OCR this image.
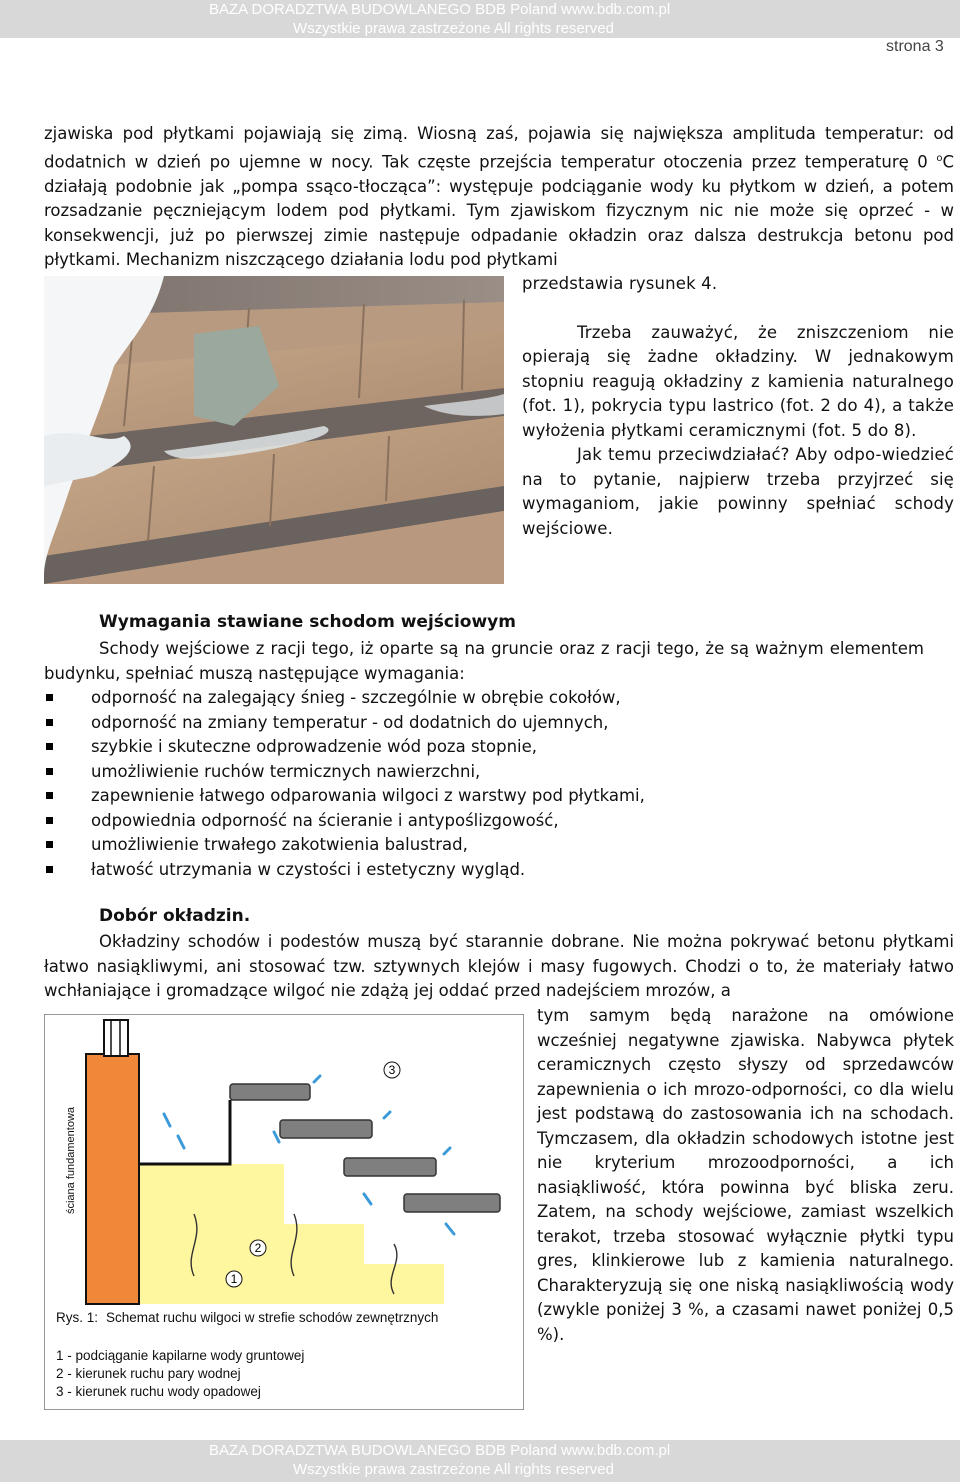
BAZA DORADZTWA BUDOWLANEGO BDB Poland www.bdb.com.pl
Wszystkie prawa zastrzeżone All rights reserved
strona 3

zjawiska pod płytkami pojawiają się zimą. Wiosną zaś, pojawia się największa amplituda temperatur: od dodatnich w dzień po ujemne w nocy. Tak częste przejścia temperatur otoczenia przez temperaturę 0 $^o$C działają podobnie jak „pompa ssąco-tłocząca”: występuje podciąganie wody ku płytkom w dzień, a potem rozsadzanie pęczniejącym lodem pod płytkami. Tym zjawiskom fizycznym nic nie może się oprzeć - w konsekwencji, już po pierwszej zimie następuje odpadanie okładzin oraz dalsza destrukcja betonu pod płytkami. Mechanizm niszczącego działania lodu pod płytkami

przedstawia rysunek 4.

Trzeba zauważyć, że zniszczeniom nie opierają się żadne okładziny. W jednakowym stopniu reagują okładziny z kamienia naturalnego (fot. 1), pokrycia typu lastrico (fot. 2 do 4), a także wyłożenia płytkami ceramicznymi (fot. 5 do 8).

Jak temu przeciwdziałać? Aby odpo-wiedzieć na to pytanie, najpierw trzeba przyjrzeć się wymaganiom, jakie powinny spełniać schody wejściowe.

Wymagania stawiane schodom wejściowym
Schody wejściowe z racji tego, iż oparte są na gruncie oraz z racji tego, że są ważnym elementem budynku, spełniać muszą następujące wymagania:
odporność na zalegający śnieg - szczególnie w obrębie cokołów,
odporność na zmiany temperatur - od dodatnich do ujemnych,
szybkie i skuteczne odprowadzenie wód poza stopnie,
umożliwienie ruchów termicznych nawierzchni,
zapewnienie łatwego odparowania wilgoci z warstwy pod płytkami,
odpowiednia odporność na ścieranie i antypoślizgowość,
umożliwienie trwałego zakotwienia balustrad,
łatwość utrzymania w czystości i estetyczny wygląd.
Dobór okładzin.
Okładziny schodów i podestów muszą być starannie dobrane. Nie można pokrywać betonu płytkami łatwo nasiąkliwymi, ani stosować tzw. sztywnych klejów i masy fugowych. Chodzi o to, że materiały łatwo wchłaniające i gromadzące wilgoć nie zdążą jej oddać przed nadejściem mrozów, a
tym samym będą narażone na omówione wcześniej negatywne zjawiska. Nabywca płytek ceramicznych często słyszy od sprzedawców zapewnienia o ich mrozo-odporności, co dla wielu jest podstawą do zastosowania ich na schodach. Tymczasem, dla okładzin schodowych istotne jest nie kryterium mrozoodporności, a ich nasiąkliwość, która powinna być bliska zeru. Zatem, na schody wejściowe, zamiast wszelkich terakot, trzeba stosować wyłącznie płytki typu gres, klinkierowe lub z kamienia naturalnego. Charakteryzują się one niską nasiąkliwością wody (zwykle poniżej 3 %, a czasami nawet poniżej 0,5 %).
ściana fundamentowa
1
2
3
Rys. 1: Schemat ruchu wilgoci w strefie schodów zewnętrznych
1 - podciąganie kapilarne wody gruntowej
2 - kierunek ruchu pary wodnej
3 - kierunek ruchu wody opadowej
BAZA DORADZTWA BUDOWLANEGO BDB Poland www.bdb.com.pl
Wszystkie prawa zastrzeżone All rights reserved
